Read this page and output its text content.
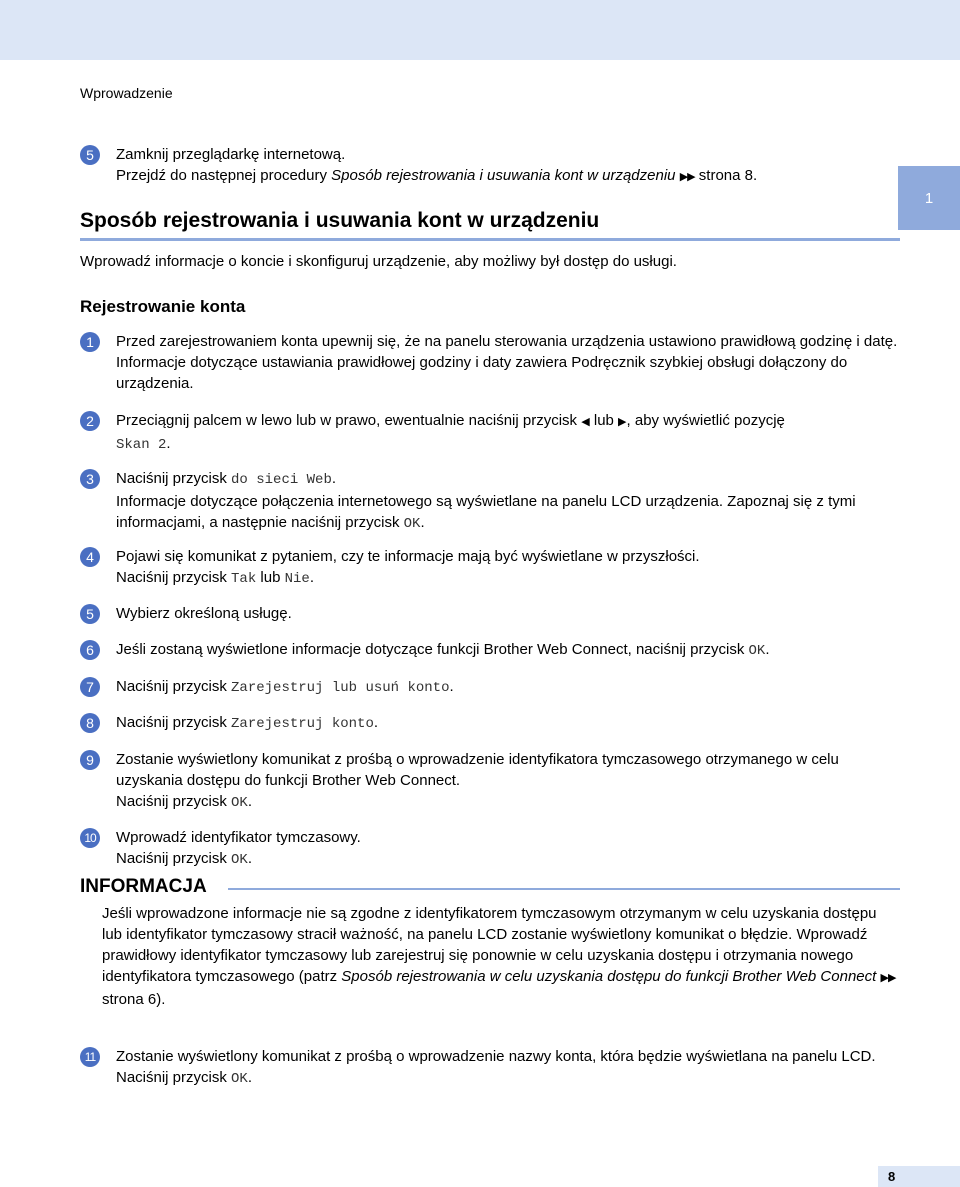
Wprowadzenie
1
5	Zamknij przeglądarkę internetową.
Przejdź do następnej procedury Sposób rejestrowania i usuwania kont w urządzeniu ▶▶ strona 8.
Sposób rejestrowania i usuwania kont w urządzeniu
Wprowadź informacje o koncie i skonfiguruj urządzenie, aby możliwy był dostęp do usługi.
Rejestrowanie konta
1	Przed zarejestrowaniem konta upewnij się, że na panelu sterowania urządzenia ustawiono prawidłową godzinę i datę. Informacje dotyczące ustawiania prawidłowej godziny i daty zawiera Podręcznik szybkiej obsługi dołączony do urządzenia.
2	Przeciągnij palcem w lewo lub w prawo, ewentualnie naciśnij przycisk ◀ lub ▶, aby wyświetlić pozycję
Skan 2.
3	Naciśnij przycisk do sieci Web.
Informacje dotyczące połączenia internetowego są wyświetlane na panelu LCD urządzenia. Zapoznaj się z tymi informacjami, a następnie naciśnij przycisk OK.
4	Pojawi się komunikat z pytaniem, czy te informacje mają być wyświetlane w przyszłości.
Naciśnij przycisk Tak lub Nie.
5	Wybierz określoną usługę.
6	Jeśli zostaną wyświetlone informacje dotyczące funkcji Brother Web Connect, naciśnij przycisk OK.
7	Naciśnij przycisk Zarejestruj lub usuń konto.
8	Naciśnij przycisk Zarejestruj konto.
9	Zostanie wyświetlony komunikat z prośbą o wprowadzenie identyfikatora tymczasowego otrzymanego w celu uzyskania dostępu do funkcji Brother Web Connect.
Naciśnij przycisk OK.
10 Wprowadź identyfikator tymczasowy.
Naciśnij przycisk OK.
INFORMACJA
Jeśli wprowadzone informacje nie są zgodne z identyfikatorem tymczasowym otrzymanym w celu uzyskania dostępu lub identyfikator tymczasowy stracił ważność, na panelu LCD zostanie wyświetlony komunikat o błędzie. Wprowadź prawidłowy identyfikator tymczasowy lub zarejestruj się ponownie w celu uzyskania dostępu i otrzymania nowego identyfikatora tymczasowego (patrz Sposób rejestrowania w celu uzyskania dostępu do funkcji Brother Web Connect ▶▶ strona 6).
11	Zostanie wyświetlony komunikat z prośbą o wprowadzenie nazwy konta, która będzie wyświetlana na panelu LCD.
Naciśnij przycisk OK.
8
